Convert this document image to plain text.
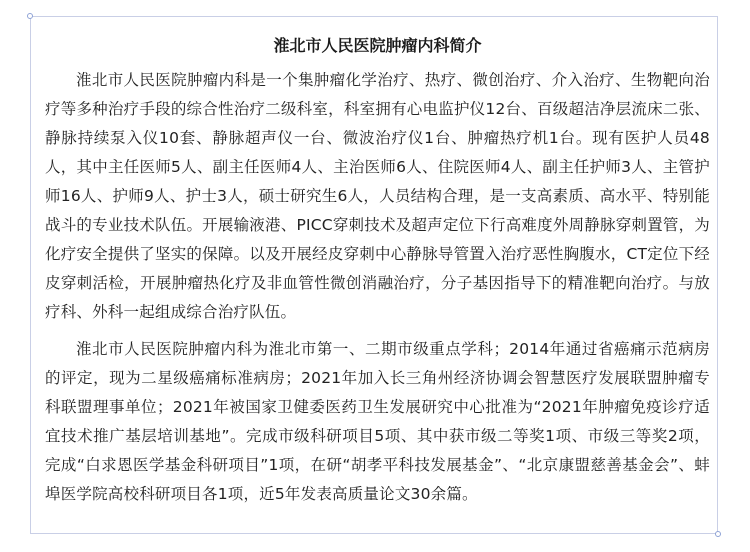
淮北市人民医院肿瘤内科简介

淮北市人民医院肿瘤内科是一个集肿瘤化学治疗、热疗、微创治疗、介入治疗、生物靶向治疗等多种治疗手段的综合性治疗二级科室，科室拥有心电监护仪12台、百级超洁净层流床二张、静脉持续泵入仪10套、静脉超声仪一台、微波治疗仪1台、肿瘤热疗机1台。现有医护人员48人，其中主任医师5人、副主任医师4人、主治医师6人、住院医师4人、副主任护师3人、主管护师16人、护师9人、护士3人，硕士研究生6人，人员结构合理，是一支高素质、高水平、特别能战斗的专业技术队伍。开展输液港、PICC穿刺技术及超声定位下行高难度外周静脉穿刺置管，为化疗安全提供了坚实的保障。以及开展经皮穿刺中心静脉导管置入治疗恶性胸腹水，CT定位下经皮穿刺活检，开展肿瘤热化疗及非血管性微创消融治疗，分子基因指导下的精准靶向治疗。与放疗科、外科一起组成综合治疗队伍。

淮北市人民医院肿瘤内科为淮北市第一、二期市级重点学科；2014年通过省癌痛示范病房的评定，现为二星级癌痛标准病房；2021年加入长三角州经济协调会智慧医疗发展联盟肿瘤专科联盟理事单位；2021年被国家卫健委医药卫生发展研究中心批准为“2021年肿瘤免疫诊疗适宜技术推广基层培训基地”。完成市级科研项目5项、其中获市级二等奖1项、市级三等奖2项，完成“白求恩医学基金科研项目”1项，在研“胡孝平科技发展基金”、“北京康盟慈善基金会”、蚌埠医学院高校科研项目各1项，近5年发表高质量论文30余篇。
